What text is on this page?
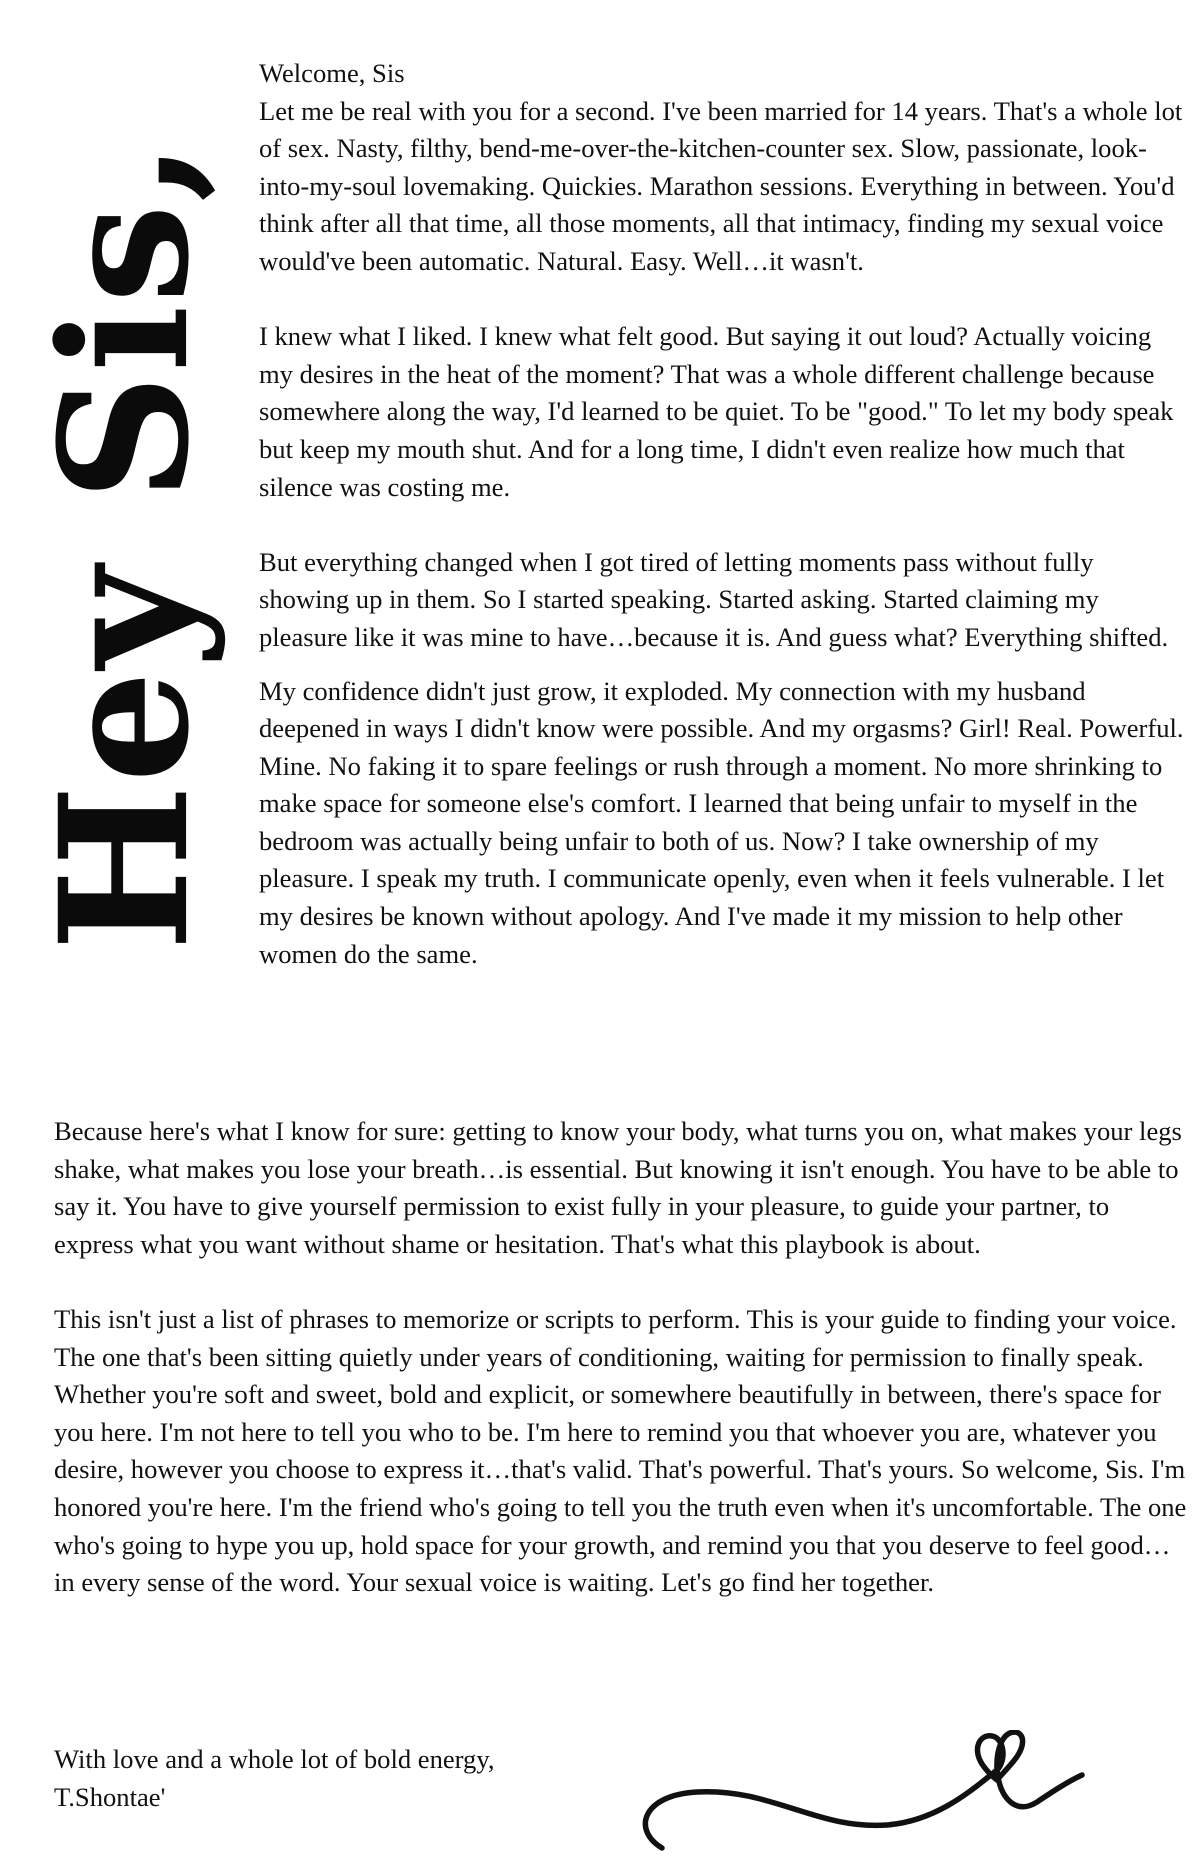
Hey Sis,

Welcome, Sis

Let me be real with you for a second. I've been married for 14 years. That's a whole lot of sex. Nasty, filthy, bend-me-over-the-kitchen-counter sex. Slow, passionate, look-into-my-soul lovemaking. Quickies. Marathon sessions. Everything in between. You'd think after all that time, all those moments, all that intimacy, finding my sexual voice would've been automatic. Natural. Easy. Well…it wasn't.

I knew what I liked. I knew what felt good. But saying it out loud? Actually voicing my desires in the heat of the moment? That was a whole different challenge because somewhere along the way, I'd learned to be quiet. To be "good." To let my body speak but keep my mouth shut. And for a long time, I didn't even realize how much that silence was costing me.

But everything changed when I got tired of letting moments pass without fully showing up in them. So I started speaking. Started asking. Started claiming my pleasure like it was mine to have…because it is. And guess what? Everything shifted.

My confidence didn't just grow, it exploded. My connection with my husband deepened in ways I didn't know were possible. And my orgasms? Girl! Real. Powerful. Mine. No faking it to spare feelings or rush through a moment. No more shrinking to make space for someone else's comfort. I learned that being unfair to myself in the bedroom was actually being unfair to both of us. Now? I take ownership of my pleasure. I speak my truth. I communicate openly, even when it feels vulnerable. I let my desires be known without apology. And I've made it my mission to help other women do the same.

Because here's what I know for sure: getting to know your body, what turns you on, what makes your legs shake, what makes you lose your breath…is essential. But knowing it isn't enough. You have to be able to say it. You have to give yourself permission to exist fully in your pleasure, to guide your partner, to express what you want without shame or hesitation. That's what this playbook is about.

This isn't just a list of phrases to memorize or scripts to perform. This is your guide to finding your voice. The one that's been sitting quietly under years of conditioning, waiting for permission to finally speak. Whether you're soft and sweet, bold and explicit, or somewhere beautifully in between, there's space for you here. I'm not here to tell you who to be. I'm here to remind you that whoever you are, whatever you desire, however you choose to express it…that's valid. That's powerful. That's yours. So welcome, Sis. I'm honored you're here. I'm the friend who's going to tell you the truth even when it's uncomfortable. The one who's going to hype you up, hold space for your growth, and remind you that you deserve to feel good…in every sense of the word. Your sexual voice is waiting. Let's go find her together.

With love and a whole lot of bold energy,

T.Shontae'
